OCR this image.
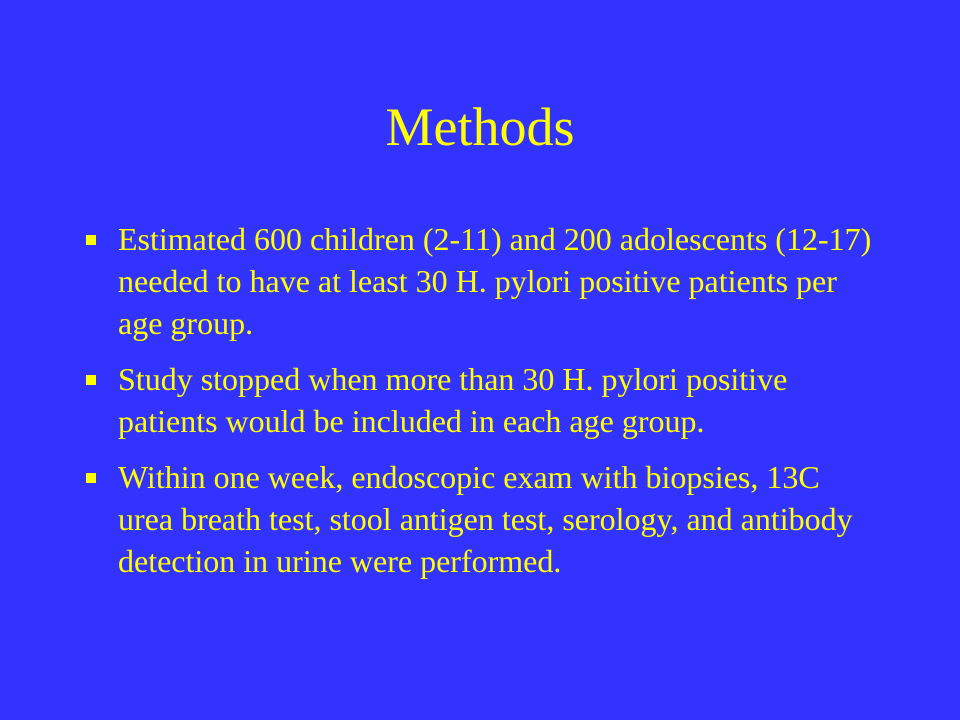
Methods
Estimated 600 children (2-11) and 200 adolescents (12-17) needed to have at least 30 H. pylori positive patients per age group.
Study stopped when more than 30 H. pylori positive patients would be included in each age group.
Within one week, endoscopic exam with biopsies, 13C urea breath test, stool antigen test, serology, and antibody detection in urine were performed.
